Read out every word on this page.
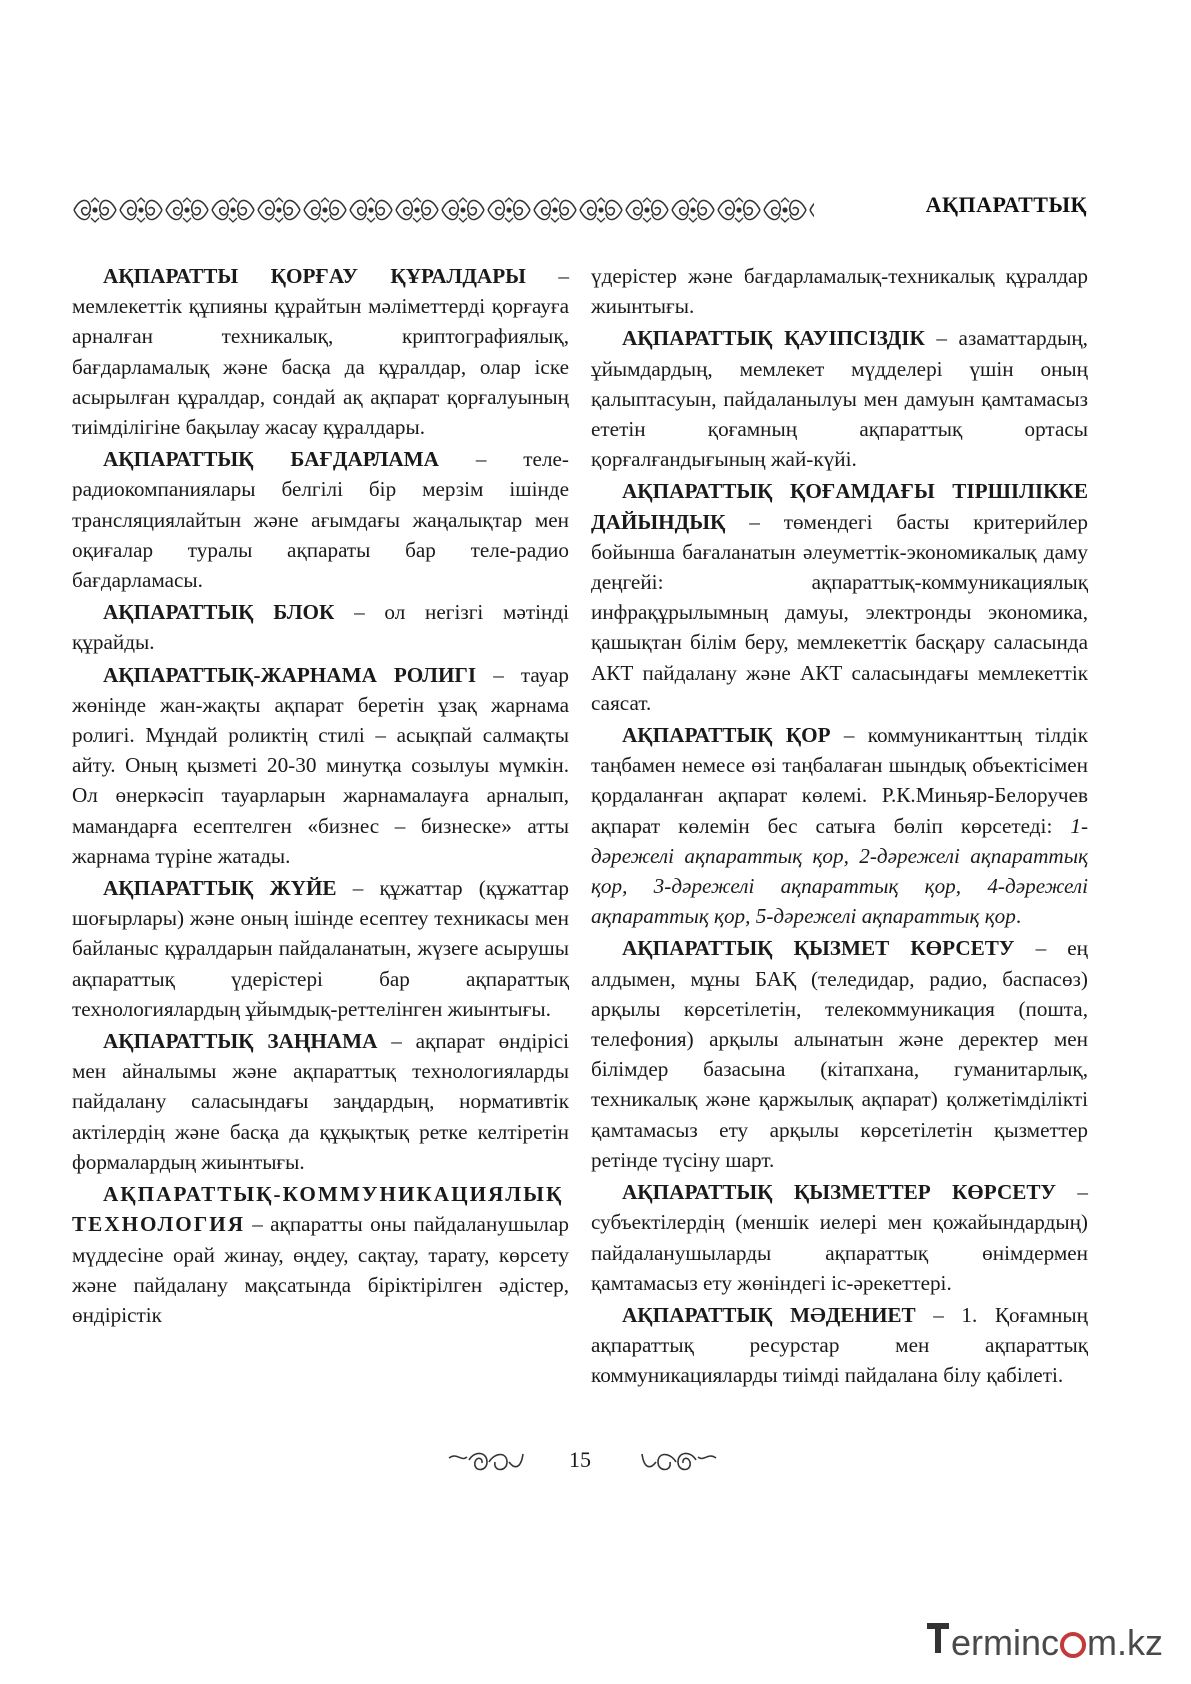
АҚПАРАТТЫҚ

АҚПАРАТТЫ ҚОРҒАУ ҚҰРАЛДАРЫ – мемлекеттік құпияны құрайтын мәліметтерді қорғауға арналған техникалық, криптографиялық, бағдарламалық және басқа да құралдар, олар іске асырылған құралдар, сондай ақ ақпарат қорғалуының тиімділігіне бақылау жасау құралдары.

АҚПАРАТТЫҚ БАҒДАРЛАМА – теле-радиокомпаниялары белгілі бір мерзім ішінде трансляциялайтын және ағымдағы жаңалықтар мен оқиғалар туралы ақпараты бар теле-радио бағдарламасы.

АҚПАРАТТЫҚ БЛОК – ол негізгі мәтінді құрайды.

АҚПАРАТТЫҚ-ЖАРНАМА РОЛИГІ – тауар жөнінде жан-жақты ақпарат беретін ұзақ жарнама ролигі. Мұндай роликтің стилі – асықпай салмақты айту. Оның қызметі 20-30 минутқа созылуы мүмкін. Ол өнеркәсіп тауарларын жарнамалауға арналып, мамандарға есептелген «бизнес – бизнеске» атты жарнама түріне жатады.

АҚПАРАТТЫҚ ЖҮЙЕ – құжаттар (құжаттар шоғырлары) және оның ішінде есептеу техникасы мен байланыс құралдарын пайдаланатын, жүзеге асырушы ақпараттық үдерістері бар ақпараттық технологиялардың ұйымдық-реттелінген жиынтығы.

АҚПАРАТТЫҚ ЗАҢНАМА – ақпарат өндірісі мен айналымы және ақпараттық технологияларды пайдалану саласындағы заңдардың, нормативтік актілердің және басқа да құқықтық ретке келтіретін формалардың жиынтығы.

АҚПАРАТТЫҚ-КОММУНИКАЦИЯЛЫҚ ТЕХНОЛОГИЯ – ақпаратты оны пайдаланушылар мүддесіне орай жинау, өңдеу, сақтау, тарату, көрсету және пайдалану мақсатында біріктірілген әдістер, өндірістік

үдерістер және бағдарламалық-техникалық құралдар жиынтығы.

АҚПАРАТТЫҚ ҚАУІПСІЗДІК – азаматтардың, ұйымдардың, мемлекет мүдделері үшін оның қалыптасуын, пайдаланылуы мен дамуын қамтамасыз ететін қоғамның ақпараттық ортасы қорғалғандығының жай-күйі.

АҚПАРАТТЫҚ ҚОҒАМДАҒЫ ТІРШІЛІККЕ ДАЙЫНДЫҚ – төмендегі басты критерийлер бойынша бағаланатын әлеуметтік-экономикалық даму деңгейі: ақпараттық-коммуникациялық инфрақұрылымның дамуы, электронды экономика, қашықтан білім беру, мемлекеттік басқару саласында АКТ пайдалану және АКТ саласындағы мемлекеттік саясат.

АҚПАРАТТЫҚ ҚОР – коммуниканттың тілдік таңбамен немесе өзі таңбалаған шындық объектісімен қордаланған ақпарат көлемі. Р.К.Миньяр-Белоручев ақпарат көлемін бес сатыға бөліп көрсетеді: 1-дәрежелі ақпараттық қор, 2-дәрежелі ақпараттық қор, 3-дәрежелі ақпараттық қор, 4-дәрежелі ақпараттық қор, 5-дәрежелі ақпараттық қор.

АҚПАРАТТЫҚ ҚЫЗМЕТ КӨРСЕТУ – ең алдымен, мұны БАҚ (теледидар, радио, баспасөз) арқылы көрсетілетін, телекоммуникация (пошта, телефония) арқылы алынатын және деректер мен білімдер базасына (кітапхана, гуманитарлық, техникалық және қаржылық ақпарат) қолжетімділікті қамтамасыз ету арқылы көрсетілетін қызметтер ретінде түсіну шарт.

АҚПАРАТТЫҚ ҚЫЗМЕТТЕР КӨРСЕТУ – субъектілердің (меншік иелері мен қожайындардың) пайдаланушыларды ақпараттық өнімдермен қамтамасыз ету жөніндегі іс-әрекеттері.

АҚПАРАТТЫҚ МӘДЕНИЕТ – 1. Қоғамның ақпараттық ресурстар мен ақпараттық коммуникацияларды тиімді пайдалана білу қабілеті.

15
ermin c m.kz
